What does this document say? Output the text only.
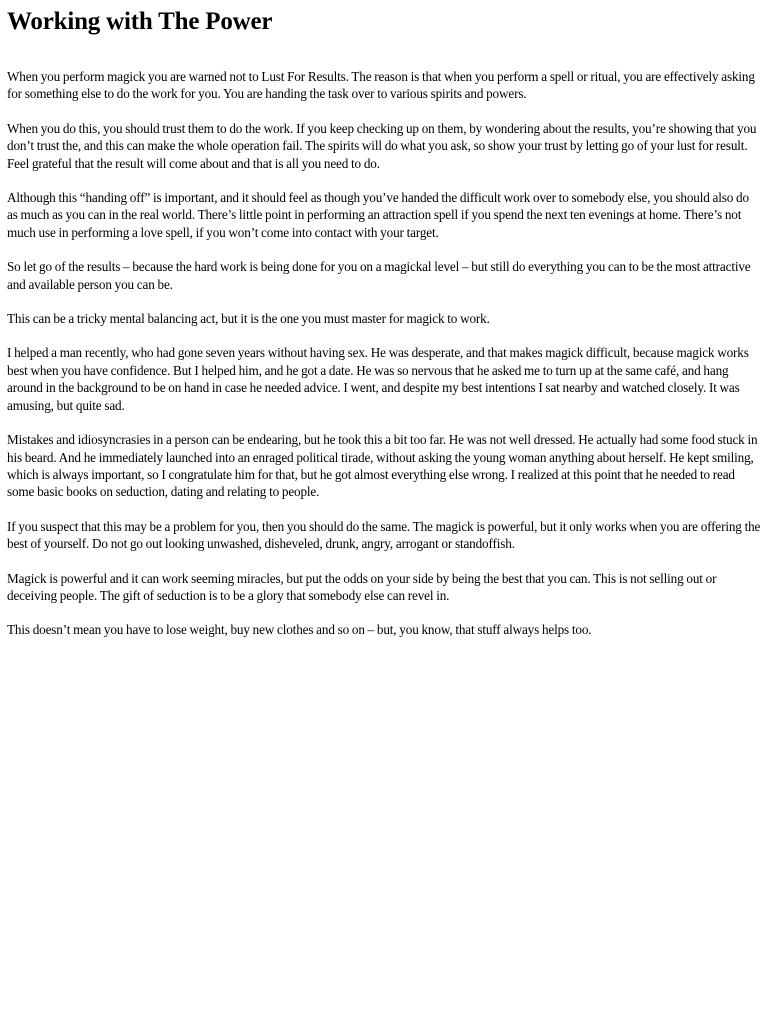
Working with The Power

When you perform magick you are warned not to Lust For Results. The reason is that when you perform a spell or ritual, you are effectively asking for something else to do the work for you. You are handing the task over to various spirits and powers.

When you do this, you should trust them to do the work. If you keep checking up on them, by wondering about the results, you’re showing that you don’t trust the, and this can make the whole operation fail. The spirits will do what you ask, so show your trust by letting go of your lust for result. Feel grateful that the result will come about and that is all you need to do.

Although this “handing off” is important, and it should feel as though you’ve handed the difficult work over to somebody else, you should also do as much as you can in the real world. There’s little point in performing an attraction spell if you spend the next ten evenings at home. There’s not much use in performing a love spell, if you won’t come into contact with your target.

So let go of the results – because the hard work is being done for you on a magickal level – but still do everything you can to be the most attractive and available person you can be.

This can be a tricky mental balancing act, but it is the one you must master for magick to work.

I helped a man recently, who had gone seven years without having sex. He was desperate, and that makes magick difficult, because magick works best when you have confidence. But I helped him, and he got a date. He was so nervous that he asked me to turn up at the same café, and hang around in the background to be on hand in case he needed advice. I went, and despite my best intentions I sat nearby and watched closely. It was amusing, but quite sad.

Mistakes and idiosyncrasies in a person can be endearing, but he took this a bit too far. He was not well dressed. He actually had some food stuck in his beard. And he immediately launched into an enraged political tirade, without asking the young woman anything about herself. He kept smiling, which is always important, so I congratulate him for that, but he got almost everything else wrong. I realized at this point that he needed to read some basic books on seduction, dating and relating to people.

If you suspect that this may be a problem for you, then you should do the same. The magick is powerful, but it only works when you are offering the best of yourself. Do not go out looking unwashed, disheveled, drunk, angry, arrogant or standoffish.

Magick is powerful and it can work seeming miracles, but put the odds on your side by being the best that you can. This is not selling out or deceiving people. The gift of seduction is to be a glory that somebody else can revel in.

This doesn’t mean you have to lose weight, buy new clothes and so on – but, you know, that stuff always helps too.
